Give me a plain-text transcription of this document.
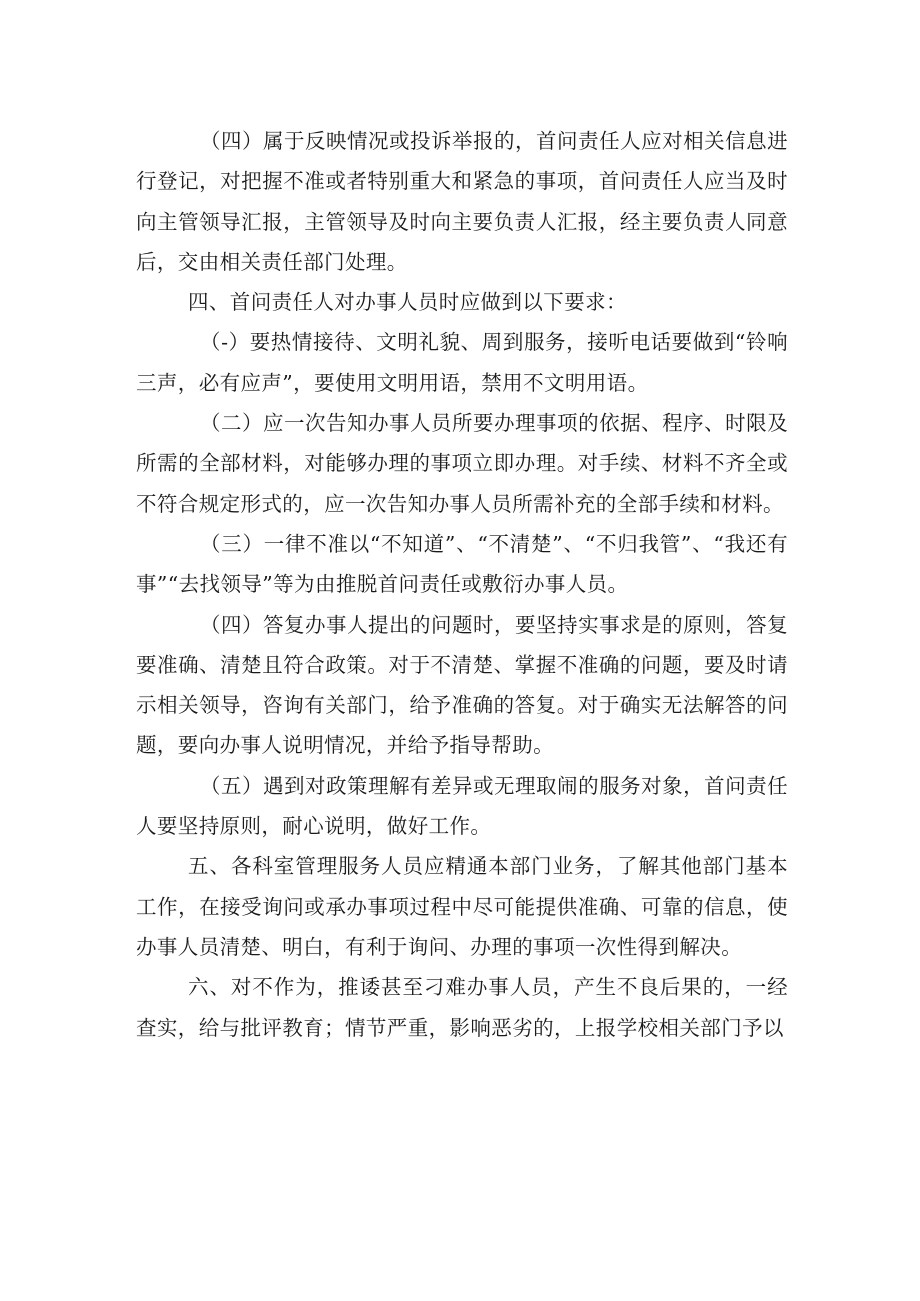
（四）属于反映情况或投诉举报的，首问责任人应对相关信息进行登记，对把握不准或者特别重大和紧急的事项，首问责任人应当及时向主管领导汇报，主管领导及时向主要负责人汇报，经主要负责人同意后，交由相关责任部门处理。

四、首问责任人对办事人员时应做到以下要求：

（-）要热情接待、文明礼貌、周到服务，接听电话要做到“铃响三声，必有应声”，要使用文明用语，禁用不文明用语。

（二）应一次告知办事人员所要办理事项的依据、程序、时限及所需的全部材料，对能够办理的事项立即办理。对手续、材料不齐全或不符合规定形式的，应一次告知办事人员所需补充的全部手续和材料。

（三）一律不准以“不知道”、“不清楚”、“不归我管”、“我还有事”“去找领导”等为由推脱首问责任或敷衍办事人员。

（四）答复办事人提出的问题时，要坚持实事求是的原则，答复要准确、清楚且符合政策。对于不清楚、掌握不准确的问题，要及时请示相关领导，咨询有关部门，给予准确的答复。对于确实无法解答的问题，要向办事人说明情况，并给予指导帮助。

（五）遇到对政策理解有差异或无理取闹的服务对象，首问责任人要坚持原则，耐心说明，做好工作。

五、各科室管理服务人员应精通本部门业务，了解其他部门基本工作，在接受询问或承办事项过程中尽可能提供准确、可靠的信息，使办事人员清楚、明白，有利于询问、办理的事项一次性得到解决。

六、对不作为，推诿甚至刁难办事人员，产生不良后果的，一经查实，给与批评教育；情节严重，影响恶劣的，上报学校相关部门予以
